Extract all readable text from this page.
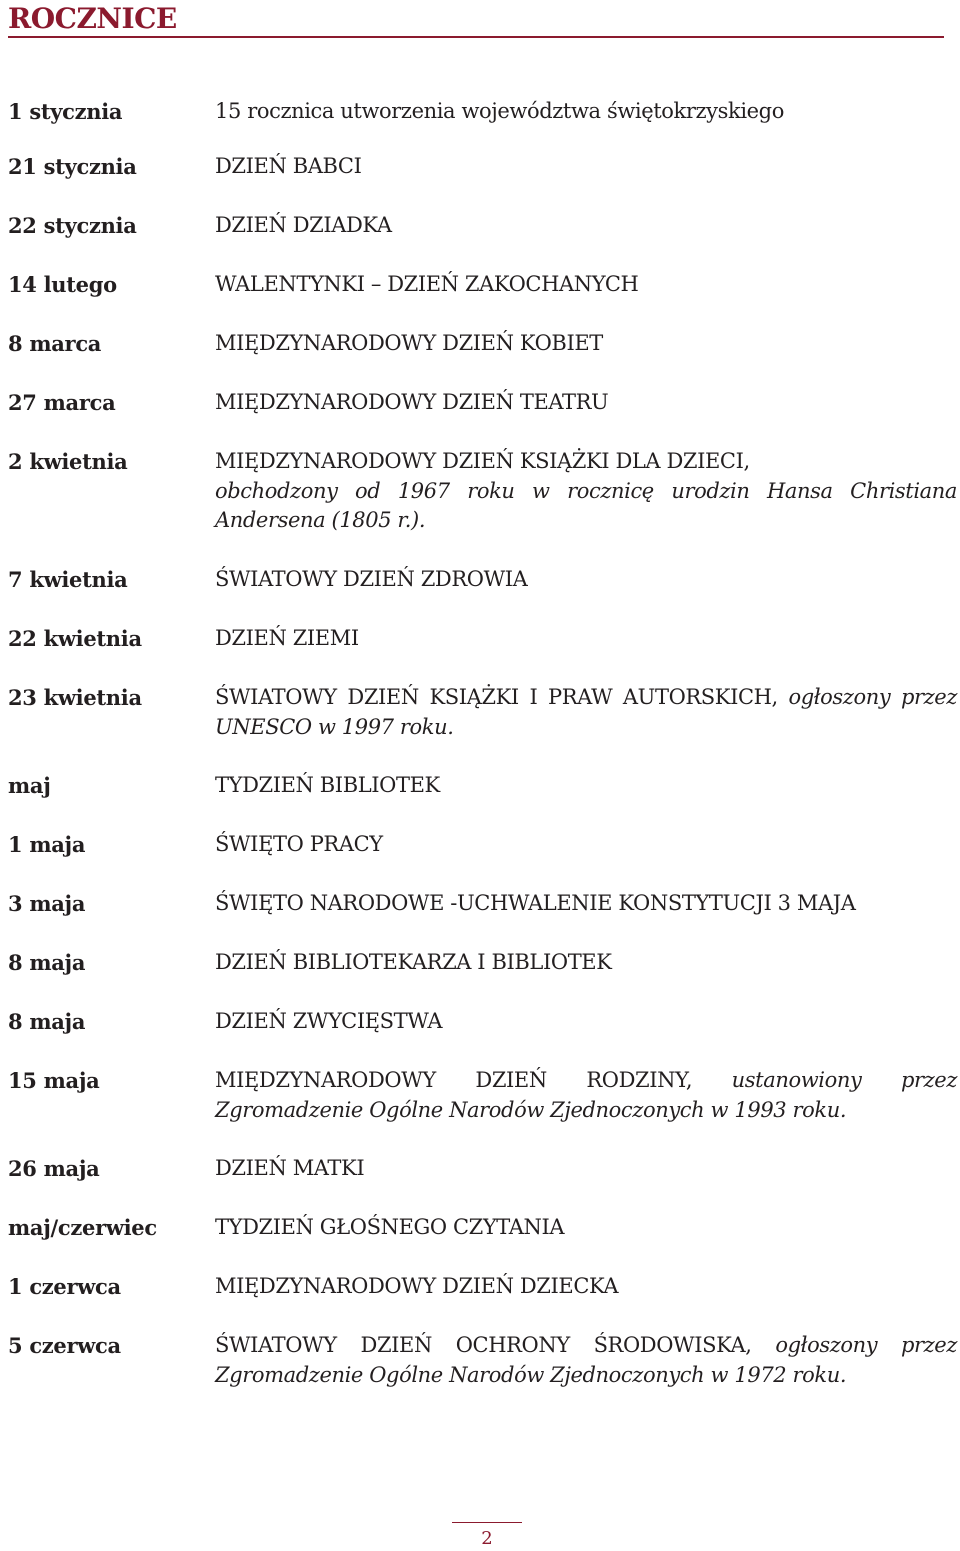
ROCZNICE
1 stycznia	15 rocznica utworzenia województwa świętokrzyskiego
21 stycznia	DZIEŃ BABCI
22 stycznia	DZIEŃ DZIADKA
14 lutego	WALENTYNKI – DZIEŃ ZAKOCHANYCH
8 marca	MIĘDZYNARODOWY DZIEŃ KOBIET
27 marca	MIĘDZYNARODOWY DZIEŃ TEATRU
2 kwietnia	MIĘDZYNARODOWY DZIEŃ KSIĄŻKI DLA DZIECI,
obchodzony od 1967 roku w rocznicę urodzin Hansa Christiana Andersena (1805 r.).
7 kwietnia	ŚWIATOWY DZIEŃ ZDROWIA
22 kwietnia	DZIEŃ ZIEMI
23 kwietnia	ŚWIATOWY DZIEŃ KSIĄŻKI I PRAW AUTORSKICH, ogłoszony przez UNESCO w 1997 roku.
maj	TYDZIEŃ BIBLIOTEK
1 maja	ŚWIĘTO PRACY
3 maja	ŚWIĘTO NARODOWE -UCHWALENIE KONSTYTUCJI 3 MAJA
8 maja	DZIEŃ BIBLIOTEKARZA I BIBLIOTEK
8 maja	DZIEŃ ZWYCIĘSTWA
15 maja	MIĘDZYNARODOWY DZIEŃ RODZINY, ustanowiony przez Zgromadzenie Ogólne Narodów Zjednoczonych w 1993 roku.
26 maja	DZIEŃ MATKI
maj/czerwiec	TYDZIEŃ GŁOŚNEGO CZYTANIA
1 czerwca	MIĘDZYNARODOWY DZIEŃ DZIECKA
5 czerwca	ŚWIATOWY DZIEŃ OCHRONY ŚRODOWISKA, ogłoszony przez Zgromadzenie Ogólne Narodów Zjednoczonych w 1972 roku.
2
